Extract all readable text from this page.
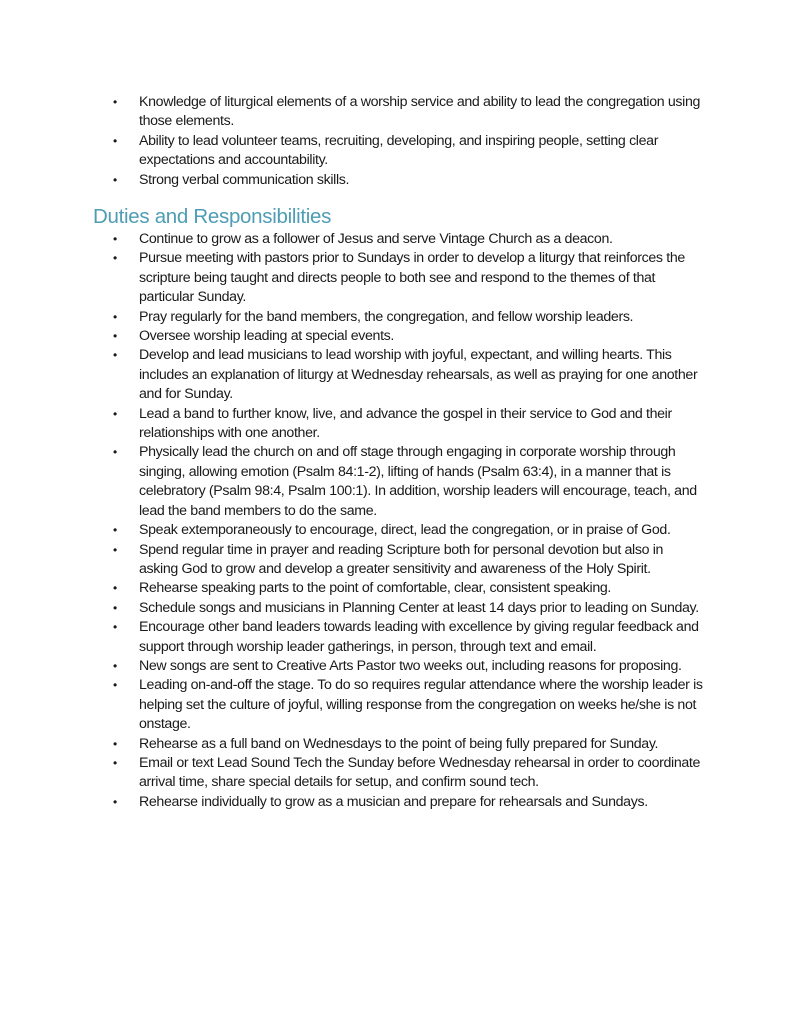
• Knowledge of liturgical elements of a worship service and ability to lead the congregation using those elements.
• Ability to lead volunteer teams, recruiting, developing, and inspiring people, setting clear expectations and accountability.
• Strong verbal communication skills.
Duties and Responsibilities
• Continue to grow as a follower of Jesus and serve Vintage Church as a deacon.
• Pursue meeting with pastors prior to Sundays in order to develop a liturgy that reinforces the scripture being taught and directs people to both see and respond to the themes of that particular Sunday.
• Pray regularly for the band members, the congregation, and fellow worship leaders.
• Oversee worship leading at special events.
• Develop and lead musicians to lead worship with joyful, expectant, and willing hearts. This includes an explanation of liturgy at Wednesday rehearsals, as well as praying for one another and for Sunday.
• Lead a band to further know, live, and advance the gospel in their service to God and their relationships with one another.
• Physically lead the church on and off stage through engaging in corporate worship through singing, allowing emotion (Psalm 84:1-2), lifting of hands (Psalm 63:4), in a manner that is celebratory (Psalm 98:4, Psalm 100:1). In addition, worship leaders will encourage, teach, and lead the band members to do the same.
• Speak extemporaneously to encourage, direct, lead the congregation, or in praise of God.
• Spend regular time in prayer and reading Scripture both for personal devotion but also in asking God to grow and develop a greater sensitivity and awareness of the Holy Spirit.
• Rehearse speaking parts to the point of comfortable, clear, consistent speaking.
• Schedule songs and musicians in Planning Center at least 14 days prior to leading on Sunday.
• Encourage other band leaders towards leading with excellence by giving regular feedback and support through worship leader gatherings, in person, through text and email.
• New songs are sent to Creative Arts Pastor two weeks out, including reasons for proposing.
• Leading on-and-off the stage. To do so requires regular attendance where the worship leader is helping set the culture of joyful, willing response from the congregation on weeks he/she is not onstage.
• Rehearse as a full band on Wednesdays to the point of being fully prepared for Sunday.
• Email or text Lead Sound Tech the Sunday before Wednesday rehearsal in order to coordinate arrival time, share special details for setup, and confirm sound tech.
• Rehearse individually to grow as a musician and prepare for rehearsals and Sundays.
